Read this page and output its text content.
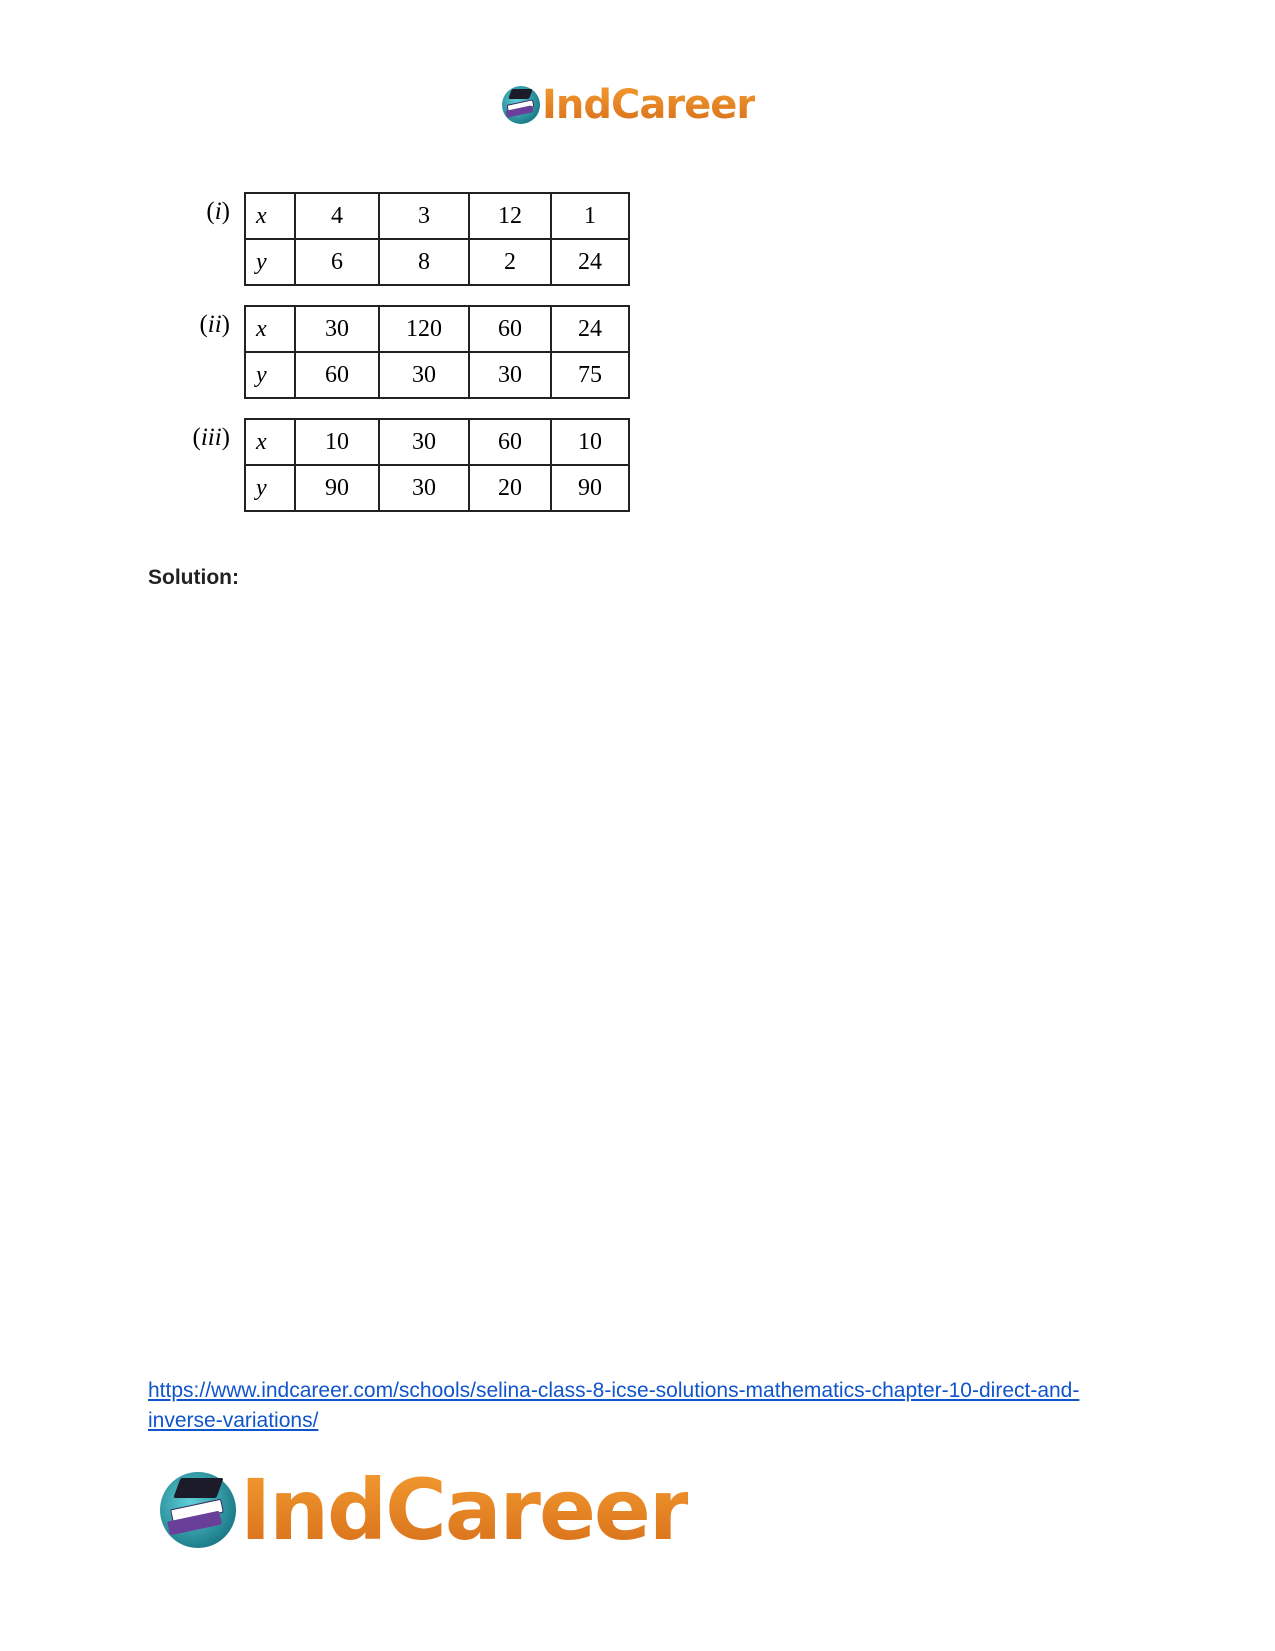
IndCareer
(i)	x	4	3	12	1
y	6	8	2	24
(ii)	x	30	120	60	24
y	60	30	30	75
(iii)	x	10	30	60	10
y	90	30	20	90
Solution:
https://www.indcareer.com/schools/selina-class-8-icse-solutions-mathematics-chapter-10-direct-and-inverse-variations/
IndCareer
